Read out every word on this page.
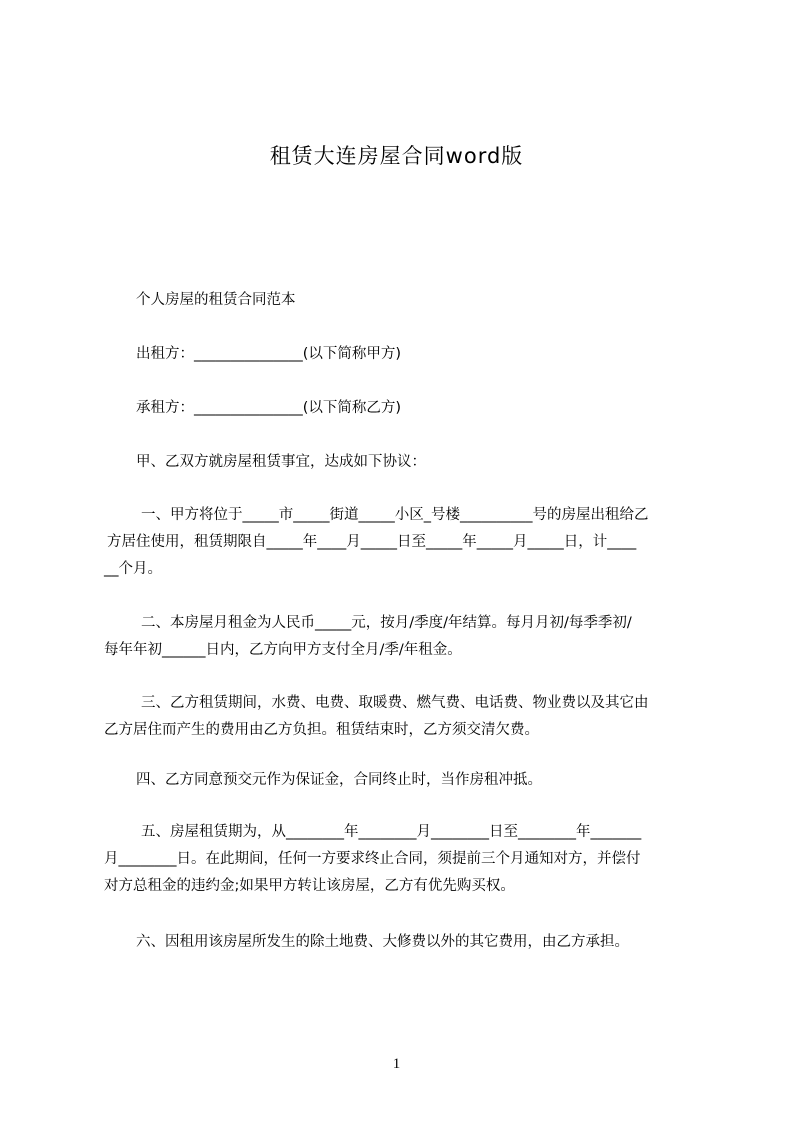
租赁大连房屋合同word版
个人房屋的租赁合同范本
出租方：_______________(以下简称甲方)
承租方：_______________(以下简称乙方)
甲、乙双方就房屋租赁事宜，达成如下协议：
一、甲方将位于_____市_____街道_____小区_号楼__________号的房屋出租给乙
方居住使用，租赁期限自_____年____月_____日至_____年_____月_____日，计____
__个月。
二、本房屋月租金为人民币_____元，按月/季度/年结算。每月月初/每季季初/
每年年初______日内，乙方向甲方支付全月/季/年租金。
三、乙方租赁期间，水费、电费、取暖费、燃气费、电话费、物业费以及其它由
乙方居住而产生的费用由乙方负担。租赁结束时，乙方须交清欠费。
四、乙方同意预交元作为保证金，合同终止时，当作房租冲抵。
五、房屋租赁期为，从________年________月________日至________年_______
月________日。在此期间，任何一方要求终止合同，须提前三个月通知对方，并偿付
对方总租金的违约金;如果甲方转让该房屋，乙方有优先购买权。
六、因租用该房屋所发生的除土地费、大修费以外的其它费用，由乙方承担。
1
